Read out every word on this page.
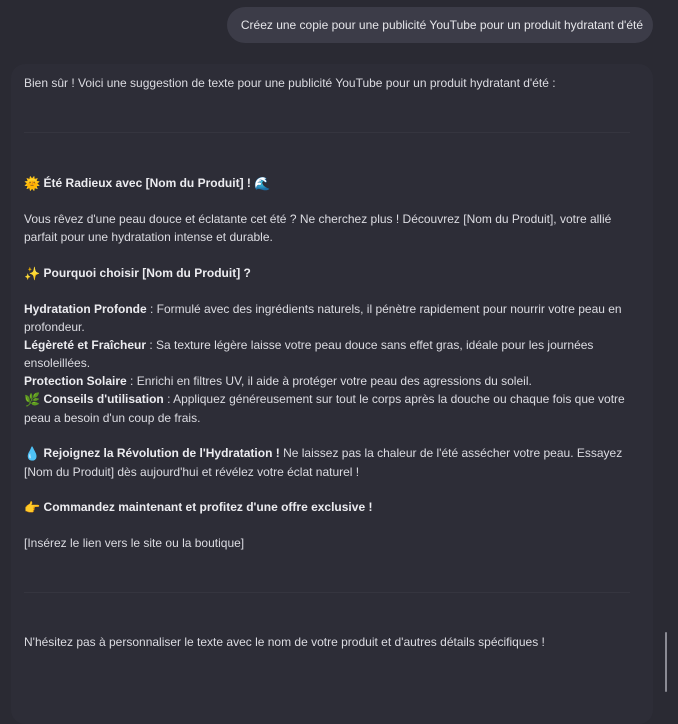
Créez une copie pour une publicité YouTube pour un produit hydratant d'été

Bien sûr ! Voici une suggestion de texte pour une publicité YouTube pour un produit hydratant d'été :

🌞 Été Radieux avec [Nom du Produit] ! 🌊

Vous rêvez d'une peau douce et éclatante cet été ? Ne cherchez plus ! Découvrez [Nom du Produit], votre allié parfait pour une hydratation intense et durable.

✨ Pourquoi choisir [Nom du Produit] ?

Hydratation Profonde : Formulé avec des ingrédients naturels, il pénètre rapidement pour nourrir votre peau en profondeur.

Légèreté et Fraîcheur : Sa texture légère laisse votre peau douce sans effet gras, idéale pour les journées ensoleillées.

Protection Solaire : Enrichi en filtres UV, il aide à protéger votre peau des agressions du soleil.

🌿 Conseils d'utilisation : Appliquez généreusement sur tout le corps après la douche ou chaque fois que votre peau a besoin d'un coup de frais.

💧 Rejoignez la Révolution de l'Hydratation ! Ne laissez pas la chaleur de l'été assécher votre peau. Essayez [Nom du Produit] dès aujourd'hui et révélez votre éclat naturel !

👉 Commandez maintenant et profitez d'une offre exclusive !

[Insérez le lien vers le site ou la boutique]

N'hésitez pas à personnaliser le texte avec le nom de votre produit et d'autres détails spécifiques !
